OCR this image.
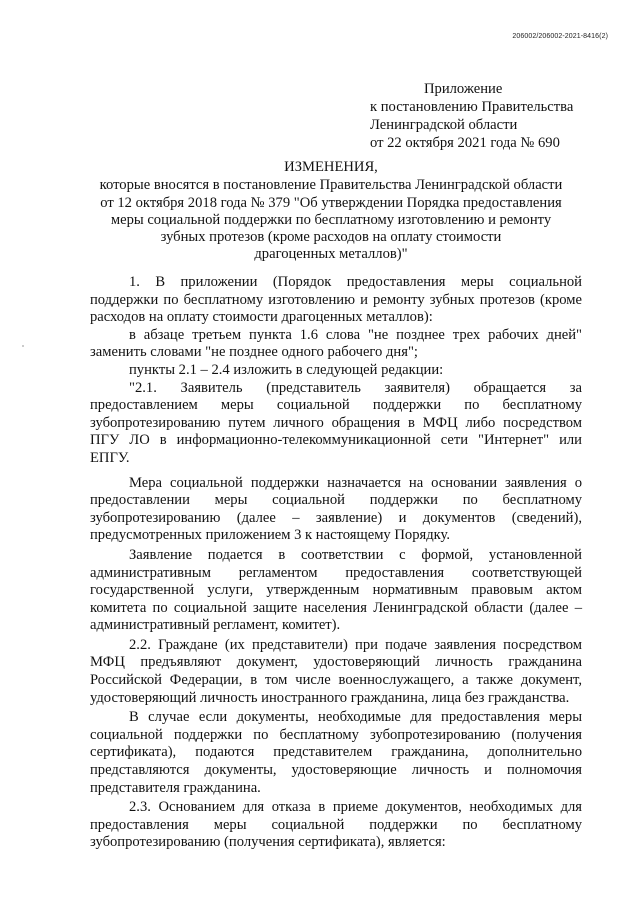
206002/206002-2021-8416(2)
Приложение
к постановлению Правительства
Ленинградской области
от 22 октября 2021 года № 690
ИЗМЕНЕНИЯ,
которые вносятся в постановление Правительства Ленинградской области
от 12 октября 2018 года № 379 "Об утверждении Порядка предоставления
меры социальной поддержки по бесплатному изготовлению и ремонту
зубных протезов (кроме расходов на оплату стоимости
драгоценных металлов)"

1. В приложении (Порядок предоставления меры социальной поддержки по бесплатному изготовлению и ремонту зубных протезов (кроме расходов на оплату стоимости драгоценных металлов):

в абзаце третьем пункта 1.6 слова "не позднее трех рабочих дней" заменить словами "не позднее одного рабочего дня";

пункты 2.1 – 2.4 изложить в следующей редакции:

"2.1. Заявитель (представитель заявителя) обращается за предоставлением меры социальной поддержки по бесплатному зубопротезированию путем личного обращения в МФЦ либо посредством ПГУ ЛО в информационно-телекоммуникационной сети "Интернет" или ЕПГУ.

Мера социальной поддержки назначается на основании заявления о предоставлении меры социальной поддержки по бесплатному зубопротезированию (далее – заявление) и документов (сведений), предусмотренных приложением 3 к настоящему Порядку.

Заявление подается в соответствии с формой, установленной административным регламентом предоставления соответствующей государственной услуги, утвержденным нормативным правовым актом комитета по социальной защите населения Ленинградской области (далее – административный регламент, комитет).

2.2. Граждане (их представители) при подаче заявления посредством МФЦ предъявляют документ, удостоверяющий личность гражданина Российской Федерации, в том числе военнослужащего, а также документ, удостоверяющий личность иностранного гражданина, лица без гражданства.

В случае если документы, необходимые для предоставления меры социальной поддержки по бесплатному зубопротезированию (получения сертификата), подаются представителем гражданина, дополнительно представляются документы, удостоверяющие личность и полномочия представителя гражданина.

2.3. Основанием для отказа в приеме документов, необходимых для предоставления меры социальной поддержки по бесплатному зубопротезированию (получения сертификата), является:
